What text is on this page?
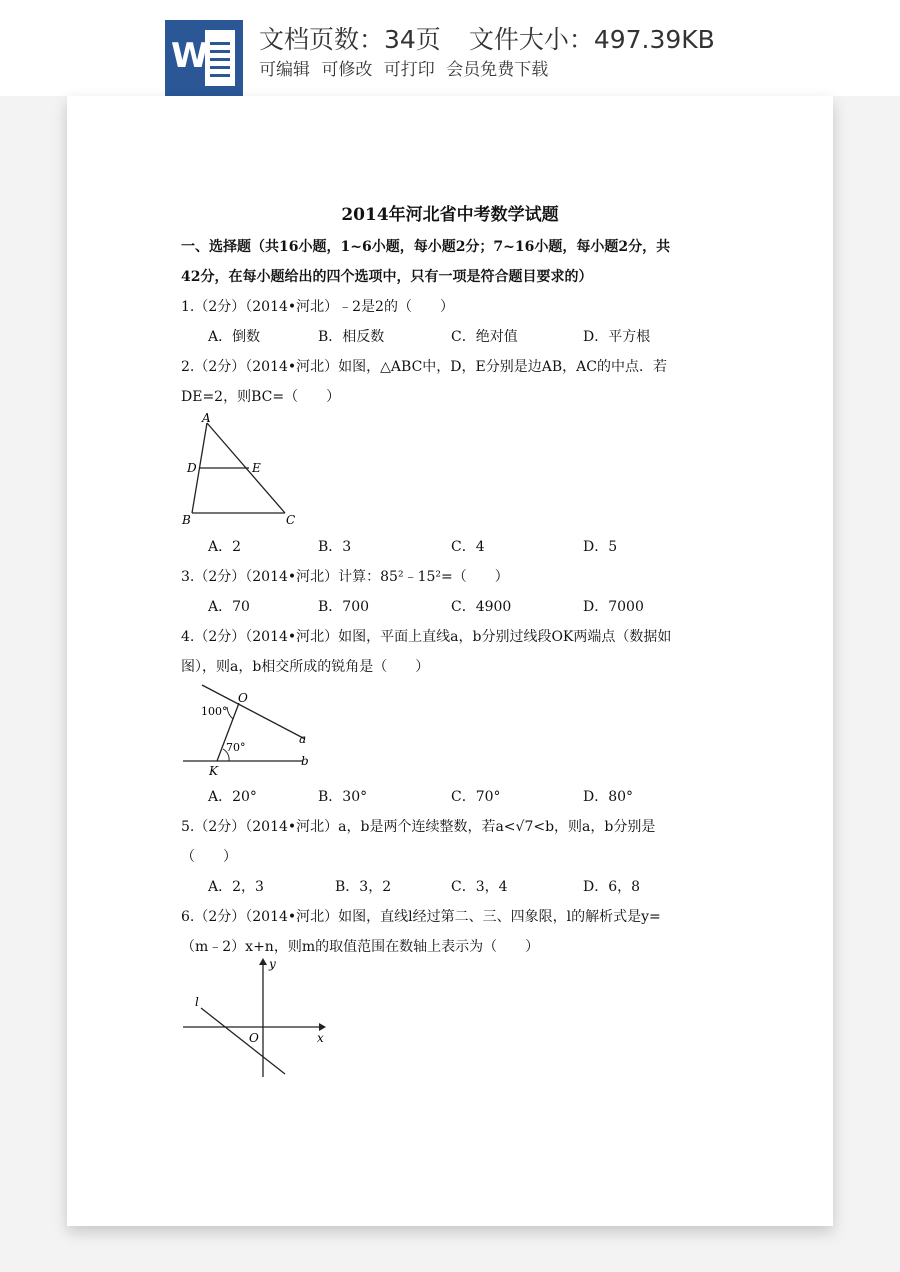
W 文档页数：34页 文件大小：497.39KB
可编辑 可修改 可打印 会员免费下载
2014年河北省中考数学试题
一、选择题（共16小题，1~6小题，每小题2分；7~16小题，每小题2分，共
42分，在每小题给出的四个选项中，只有一项是符合题目要求的）
1.（2分）（2014•河北）﹣2是2的（　　）
A．倒数	B．相反数	C．绝对值	D．平方根
2.（2分）（2014•河北）如图，△ABC中，D，E分别是边AB，AC的中点．若
DE=2，则BC=（　　）
A
D	E
B	C
A．2	B．3	C．4	D．5
3.（2分）（2014•河北）计算：85²﹣15²=（　　）
A．70	B．700	C．4900	D．7000
4.（2分）（2014•河北）如图，平面上直线a，b分别过线段OK两端点（数据如
图），则a，b相交所成的锐角是（　　）
O
100°
70°
a
b
K
A．20°	B．30°	C．70°	D．80°
5.（2分）（2014•河北）a，b是两个连续整数，若a<√7<b，则a，b分别是
（　　）
A．2，3	B．3，2	C．3，4	D．6，8
6.（2分）（2014•河北）如图，直线l经过第二、三、四象限，l的解析式是y=
（m﹣2）x+n，则m的取值范围在数轴上表示为（　　）
y
l
O	x
